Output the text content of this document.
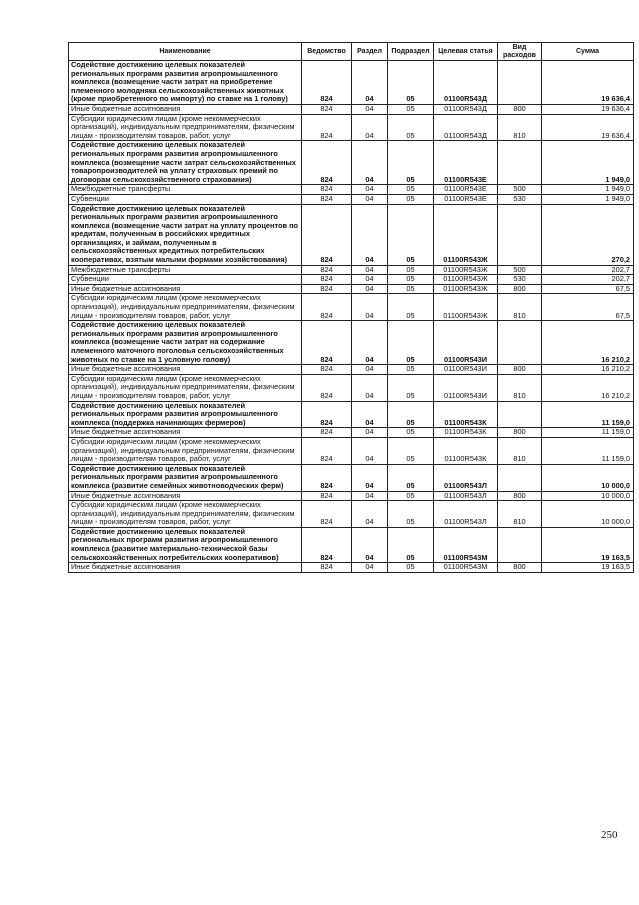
Наименование	Ведомство	Раздел	Подраздел	Целевая статья	Вид расходов	Сумма
Содействие достижению целевых показателей региональных программ развития агропромышленного комплекса (возмещение части затрат на приобретение племенного молодняка сельскохозяйственных животных (кроме приобретенного по импорту) по ставке на 1 голову)	824	04	05	01100R543Д		19 636,4
Иные бюджетные ассигнования	824	04	05	01100R543Д	800	19 636,4
Субсидии юридическим лицам (кроме некоммерческих организаций), индивидуальным предпринимателям, физическим лицам - производителям товаров, работ, услуг	824	04	05	01100R543Д	810	19 636,4
Содействие достижению целевых показателей региональных программ развития агропромышленного комплекса (возмещение части затрат сельскохозяйственных товаропроизводителей на уплату страховых премий по договорам сельскохозяйственного страхования)	824	04	05	01100R543Е		1 949,0
Межбюджетные трансферты	824	04	05	01100R543Е	500	1 949,0
Субвенции	824	04	05	01100R543Е	530	1 949,0
Содействие достижению целевых показателей региональных программ развития агропромышленного комплекса (возмещение части затрат на уплату процентов по кредитам, полученным в российских кредитных организациях, и займам, полученным в сельскохозяйственных кредитных потребительских кооперативах, взятым малыми формами хозяйствования)	824	04	05	01100R543Ж		270,2
Межбюджетные трансферты	824	04	05	01100R543Ж	500	202,7
Субвенции	824	04	05	01100R543Ж	530	202,7
Иные бюджетные ассигнования	824	04	05	01100R543Ж	800	67,5
Субсидии юридическим лицам (кроме некоммерческих организаций), индивидуальным предпринимателям, физическим лицам - производителям товаров, работ, услуг	824	04	05	01100R543Ж	810	67,5
Содействие достижению целевых показателей региональных программ развития агропромышленного комплекса (возмещение части затрат на содержание племенного маточного поголовья сельскохозяйственных животных по ставке на 1 условную голову)	824	04	05	01100R543И		16 210,2
Иные бюджетные ассигнования	824	04	05	01100R543И	800	16 210,2
Субсидии юридическим лицам (кроме некоммерческих организаций), индивидуальным предпринимателям, физическим лицам - производителям товаров, работ, услуг	824	04	05	01100R543И	810	16 210,2
Содействие достижению целевых показателей региональных программ развития агропромышленного комплекса (поддержка начинающих фермеров)	824	04	05	01100R543К		11 159,0
Иные бюджетные ассигнования	824	04	05	01100R543К	800	11 159,0
Субсидии юридическим лицам (кроме некоммерческих организаций), индивидуальным предпринимателям, физическим лицам - производителям товаров, работ, услуг	824	04	05	01100R543К	810	11 159,0
Содействие достижению целевых показателей региональных программ развития агропромышленного комплекса (развитие семейных животноводческих ферм)	824	04	05	01100R543Л		10 000,0
Иные бюджетные ассигнования	824	04	05	01100R543Л	800	10 000,0
Субсидии юридическим лицам (кроме некоммерческих организаций), индивидуальным предпринимателям, физическим лицам - производителям товаров, работ, услуг	824	04	05	01100R543Л	810	10 000,0
Содействие достижению целевых показателей региональных программ развития агропромышленного комплекса (развитие материально-технической базы сельскохозяйственных потребительских кооперативов)	824	04	05	01100R543М		19 163,5
Иные бюджетные ассигнования	824	04	05	01100R543М	800	19 163,5
250
